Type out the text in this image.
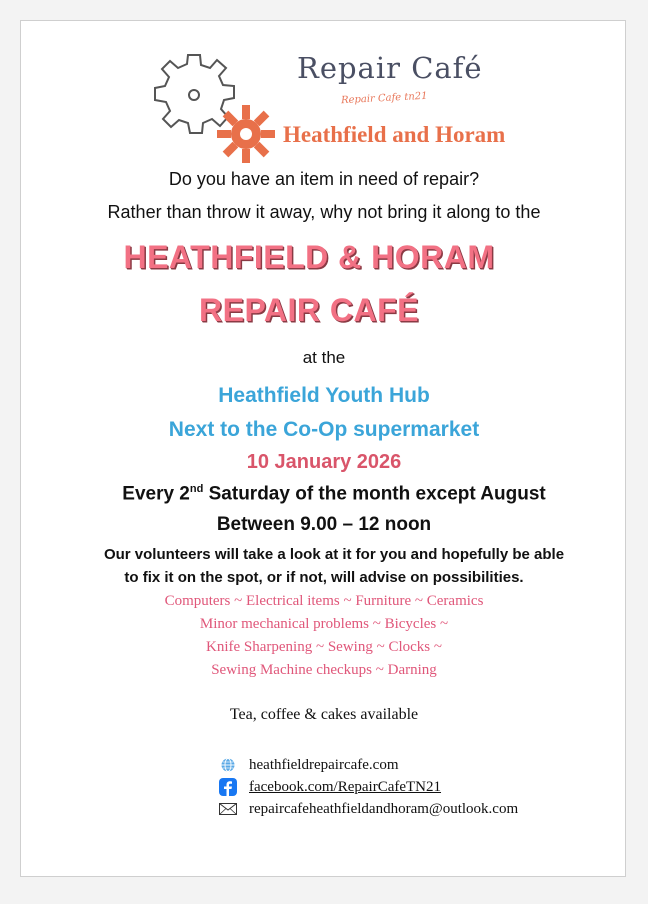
Repair Café
Repair Cafe tn21
Heathfield and Horam
Do you have an item in need of repair?
Rather than throw it away, why not bring it along to the
HEATHFIELD & HORAM
REPAIR CAFÉ
at the
Heathfield Youth Hub
Next to the Co-Op supermarket
10 January 2026
Every 2nd Saturday of the month except August
Between 9.00 – 12 noon
Our volunteers will take a look at it for you and hopefully be able
to fix it on the spot, or if not, will advise on possibilities.
Computers ~ Electrical items ~ Furniture ~ Ceramics
Minor mechanical problems ~ Bicycles ~
Knife Sharpening ~ Sewing ~ Clocks ~
Sewing Machine checkups ~ Darning
Tea, coffee & cakes available
heathfieldrepaircafe.com
facebook.com/RepairCafeTN21
repaircafeheathfieldandhoram@outlook.com
